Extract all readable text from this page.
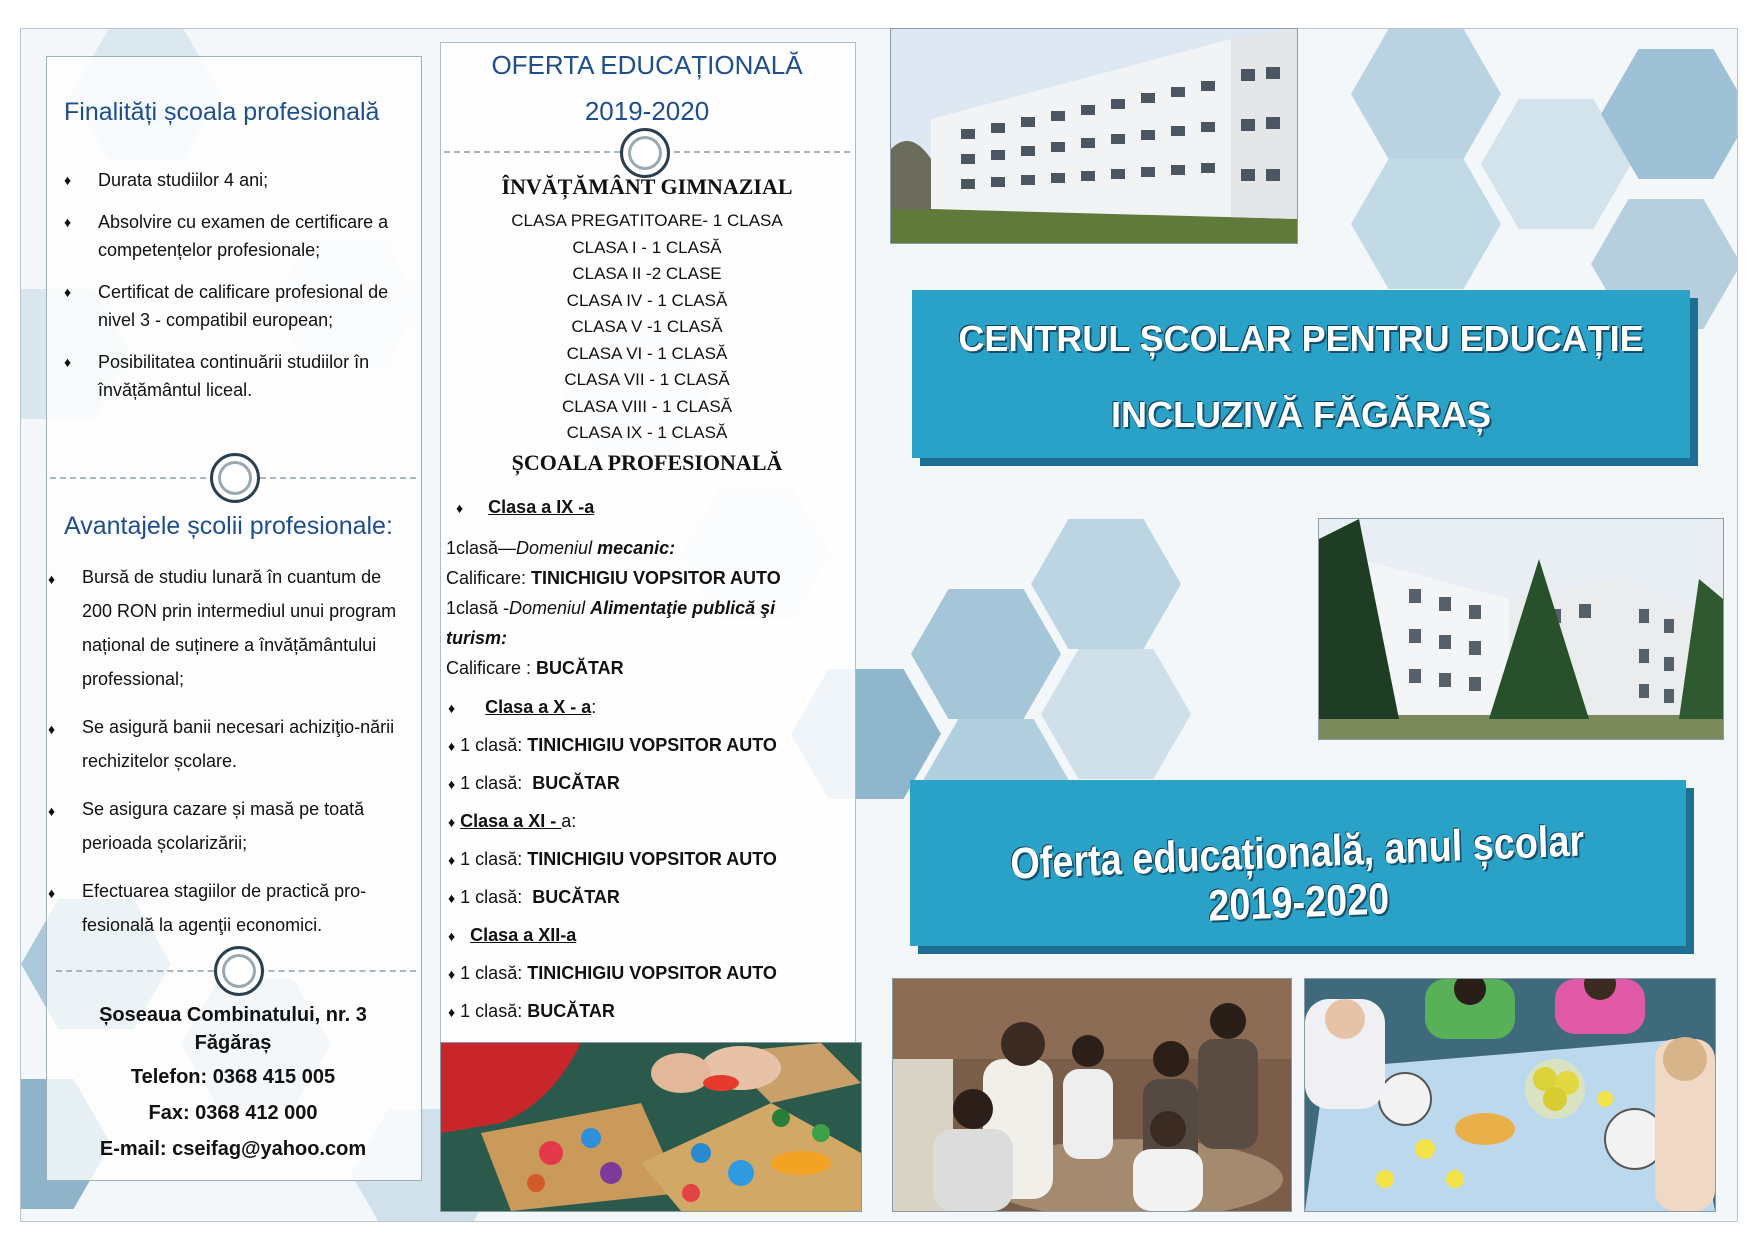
Finalități școala profesională
♦ Durata studiilor 4 ani;
♦ Absolvire cu examen de certificare a competențelor profesionale;
♦ Certificat de calificare profesional de nivel 3 - compatibil european;
♦ Posibilitatea continuării studiilor în învățământul liceal.
Avantajele școlii profesionale:
♦ Bursă de studiu lunară în cuantum de 200 RON prin intermediul unui program național de suținere a învățământului professional;
♦ Se asigură banii necesari achiziţio-nării rechizitelor școlare.
♦ Se asigura cazare și masă pe toată perioada școlarizării;
♦ Efectuarea stagiilor de practică pro-fesională la agenţii economici.
Șoseaua Combinatului, nr. 3
Făgăraș
Telefon: 0368 415 005
Fax: 0368 412 000
E-mail: cseifag@yahoo.com
OFERTA EDUCAȚIONALĂ
2019-2020
ÎNVĂȚĂMÂNT GIMNAZIAL
CLASA PREGATITOARE- 1 CLASA
CLASA I - 1 CLASĂ
CLASA II -2 CLASE
CLASA IV - 1 CLASĂ
CLASA V -1 CLASĂ
CLASA VI - 1 CLASĂ
CLASA VII - 1 CLASĂ
CLASA VIII - 1 CLASĂ
CLASA IX - 1 CLASĂ
ȘCOALA PROFESIONALĂ
♦ Clasa a IX -a
1clasă—Domeniul mecanic:
Calificare: TINICHIGIU VOPSITOR AUTO
1clasă -Domeniul Alimentaţie publică şi
turism:
Calificare : BUCĂTAR
♦ Clasa a X - a:
♦ 1 clasă: TINICHIGIU VOPSITOR AUTO
♦ 1 clasă: BUCĂTAR
♦ Clasa a XI - a:
♦ 1 clasă: TINICHIGIU VOPSITOR AUTO
♦ 1 clasă: BUCĂTAR
♦ Clasa a XII-a
♦ 1 clasă: TINICHIGIU VOPSITOR AUTO
♦ 1 clasă: BUCĂTAR
CENTRUL ȘCOLAR PENTRU EDUCAȚIE
INCLUZIVĂ FĂGĂRAȘ
Oferta educațională, anul școlar 2019-2020
